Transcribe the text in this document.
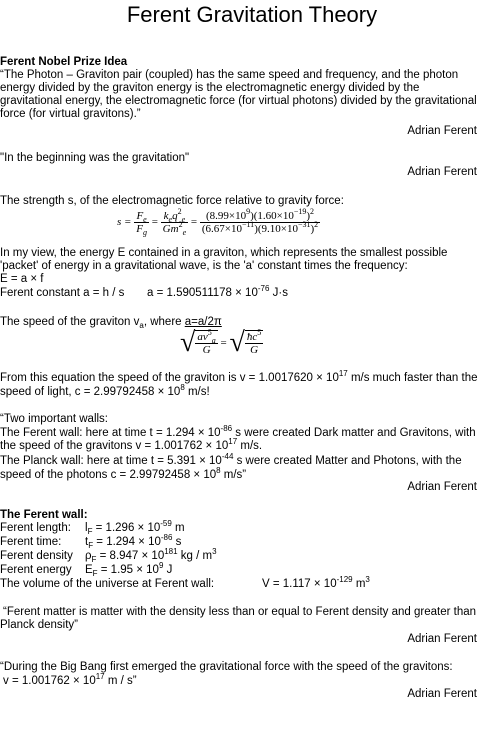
Ferent Gravitation Theory
Ferent Nobel Prize Idea
“The Photon – Graviton pair (coupled) has the same speed and frequency, and the photon
energy divided by the graviton energy is the electromagnetic energy divided by the
gravitational energy, the electromagnetic force (for virtual photons) divided by the gravitational
force (for virtual gravitons).”
Adrian Ferent
"In the beginning was the gravitation"
Adrian Ferent
The strength s, of the electromagnetic force relative to gravity force:
$s = \frac{F_e}{F_g} = \frac{k_eq^2_e}{Gm^2_e} = \frac{(8.99\times 10^9)(1.60\times 10^{-19})^2}{(6.67\times 10^{-11})(9.10\times 10^{-31})^2}$
In my view, the energy E contained in a graviton, which represents the smallest possible
'packet' of energy in a gravitational wave, is the 'a' constant times the frequency:
E = a × f
Ferent constant a = h / s $a = 1.590511178 \times 10^{-76}$ J·s
The speed of the graviton $v_a$, where a=a/2π
√ $\frac{av^5_a}{G}$ = √ $\frac{ħc^5}{G}$
From this equation the speed of the graviton is $v = 1.0017620 \times 10^{17}$ m/s much faster than the
speed of light, $c = 2.99792458 \times 10^8$ m/s!
“Two important walls:
The Ferent wall: here at time $t = 1.294 \times 10^{-86}$ s were created Dark matter and Gravitons, with
the speed of the gravitons $v = 1.001762 \times 10^{17}$ m/s.
The Planck wall: here at time $t = 5.391 \times 10^{-44}$ s were created Matter and Photons, with the
speed of the photons $c = 2.99792458 \times 10^8$ m/s”
Adrian Ferent
The Ferent wall:
Ferent length: $l_F = 1.296 \times 10^{-59}$ m
Ferent time: $t_F = 1.294 \times 10^{-86}$ s
Ferent density $\rho_F = 8.947 \times 10^{181}$ kg / $m^3$
Ferent energy $E_F = 1.95 \times 10^9$ J
The volume of the universe at Ferent wall:	$V = 1.117 \times 10^{-129}$ $m^3$
“Ferent matter is matter with the density less than or equal to Ferent density and greater than
Planck density”
Adrian Ferent
“During the Big Bang first emerged the gravitational force with the speed of the gravitons:
$v = 1.001762 \times 10^{17}$ m / s”
Adrian Ferent
